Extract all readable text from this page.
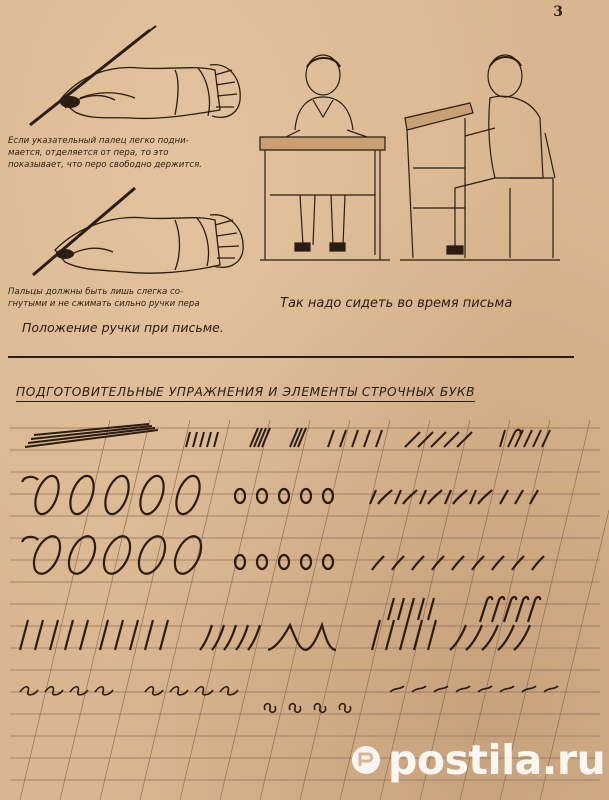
3
Если указательный палец легко подни-
мается, отделяется от пера, то это
показывает, что перо свободно держится.
Пальцы должны быть лишь слегка со-
гнутыми и не сжимать сильно ручки пера
Положение ручки при письме.
Так надо сидеть во время письма
ПОДГОТОВИТЕЛЬНЫЕ УПРАЖНЕНИЯ И ЭЛЕМЕНТЫ СТРОЧНЫХ БУКВ
postila.ru
